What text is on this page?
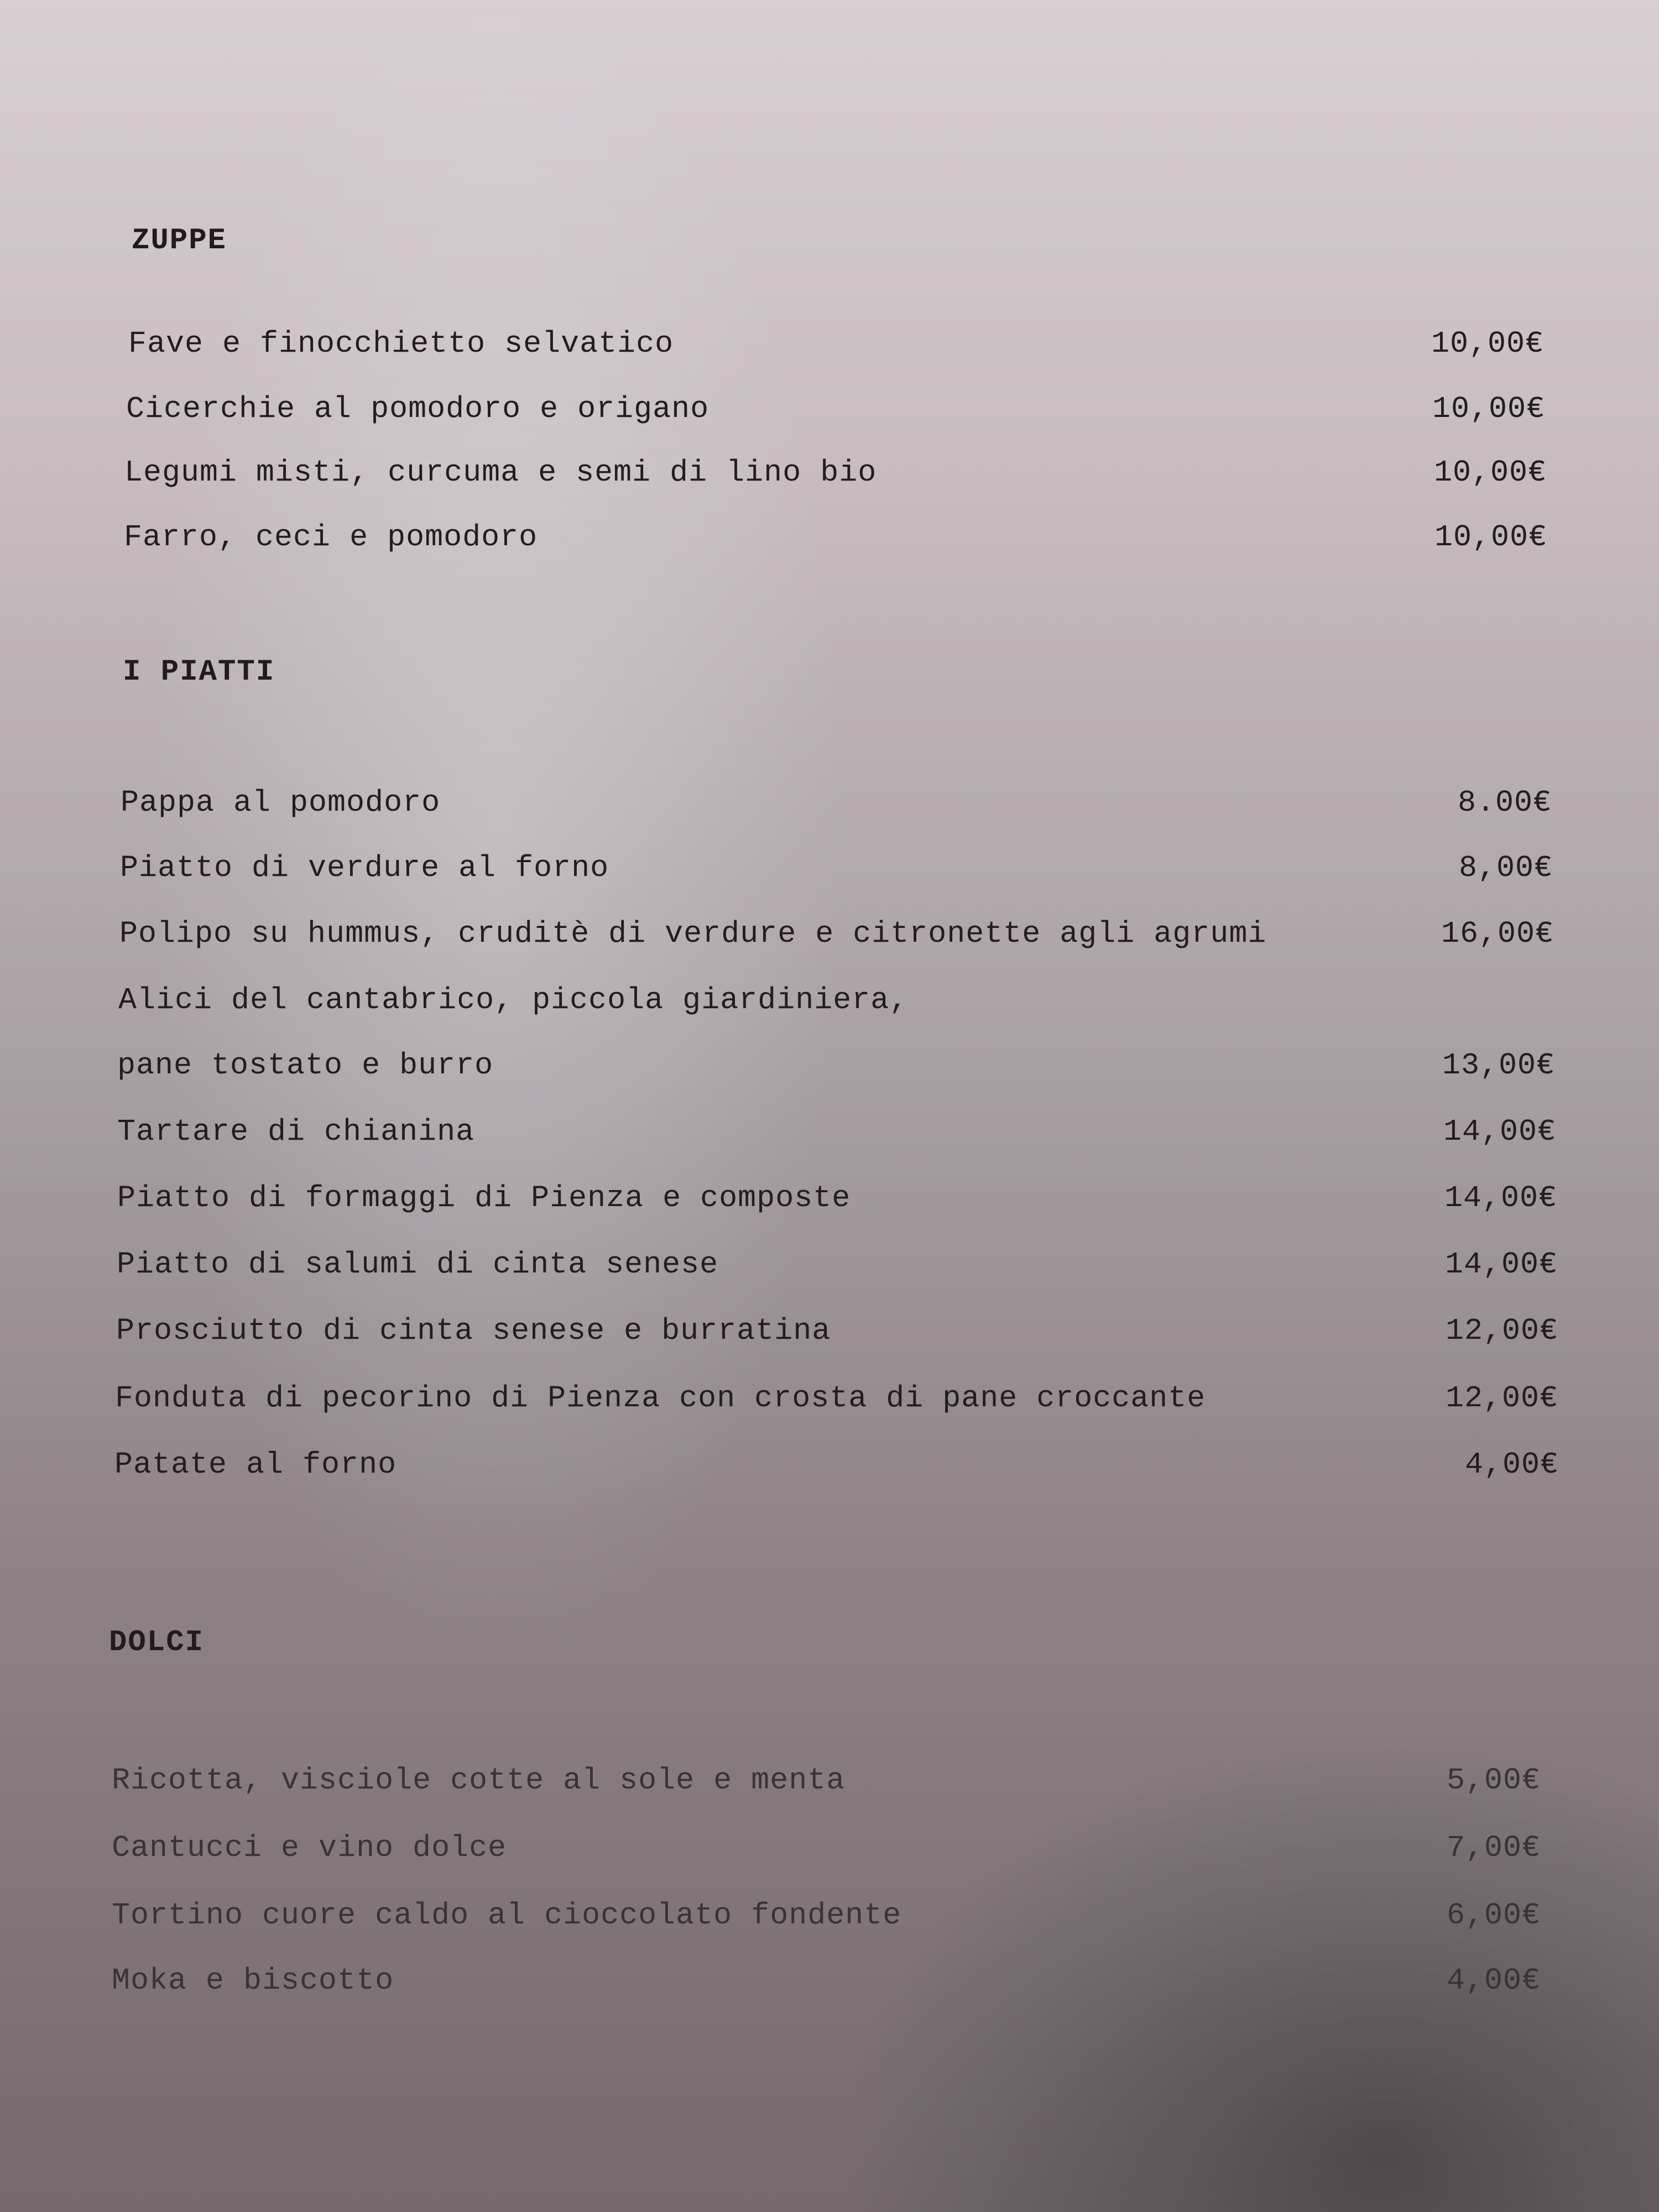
ZUPPE
Fave e finocchietto selvatico	10,00€
Cicerchie al pomodoro e origano	10,00€
Legumi misti, curcuma e semi di lino bio	10,00€
Farro, ceci e pomodoro	10,00€
I PIATTI
Pappa al pomodoro	8.00€
Piatto di verdure al forno	8,00€
Polipo su hummus, cruditè di verdure e citronette agli agrumi	16,00€
Alici del cantabrico, piccola giardiniera,
pane tostato e burro	13,00€
Tartare di chianina	14,00€
Piatto di formaggi di Pienza e composte	14,00€
Piatto di salumi di cinta senese	14,00€
Prosciutto di cinta senese e burratina	12,00€
Fonduta di pecorino di Pienza con crosta di pane croccante	12,00€
Patate al forno	4,00€
DOLCI
Ricotta, visciole cotte al sole e menta	5,00€
Cantucci e vino dolce	7,00€
Tortino cuore caldo al cioccolato fondente	6,00€
Moka e biscotto	4,00€
